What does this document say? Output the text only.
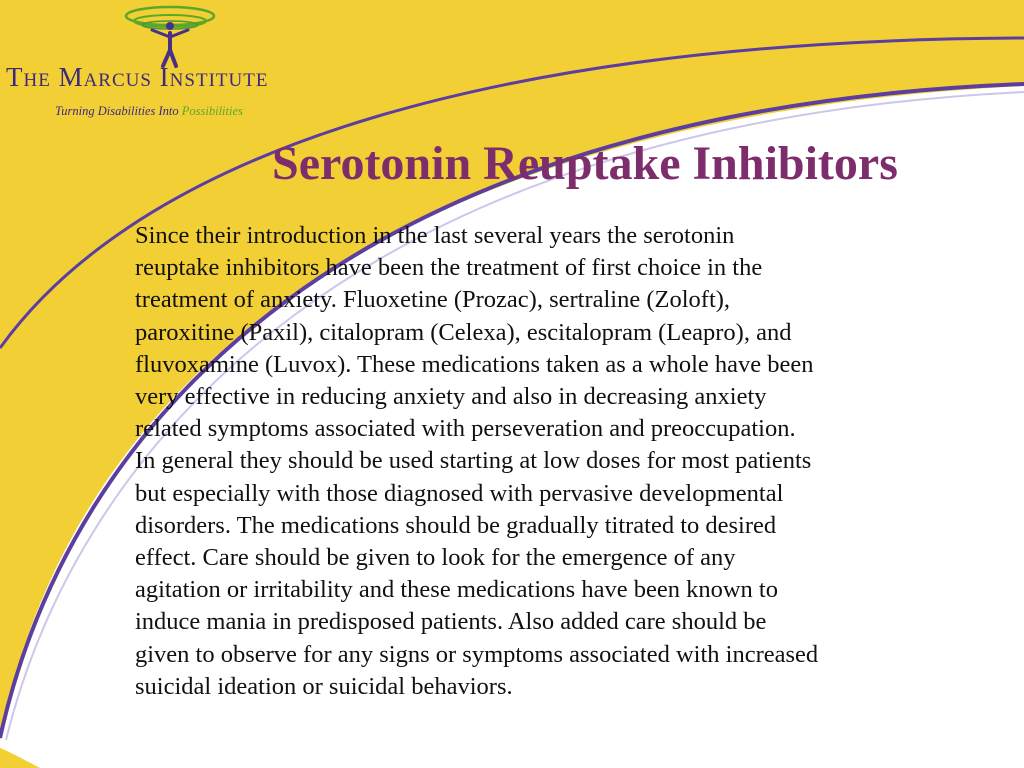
The Marcus Institute
Turning Disabilities Into Possibilities
Serotonin Reuptake Inhibitors
Since their introduction in the last several years the serotonin
reuptake inhibitors have been the treatment of first choice in the
treatment of anxiety. Fluoxetine (Prozac), sertraline (Zoloft),
paroxitine (Paxil), citalopram (Celexa), escitalopram (Leapro), and
fluvoxamine (Luvox). These medications taken as a whole have been
very effective in reducing anxiety and also in decreasing anxiety
related symptoms associated with perseveration and preoccupation.
In general they should be used starting at low doses for most patients
but especially with those diagnosed with pervasive developmental
disorders. The medications should be gradually titrated to desired
effect. Care should be given to look for the emergence of any
agitation or irritability and these medications have been known to
induce mania in predisposed patients. Also added care should be
given to observe for any signs or symptoms associated with increased
suicidal ideation or suicidal behaviors.
